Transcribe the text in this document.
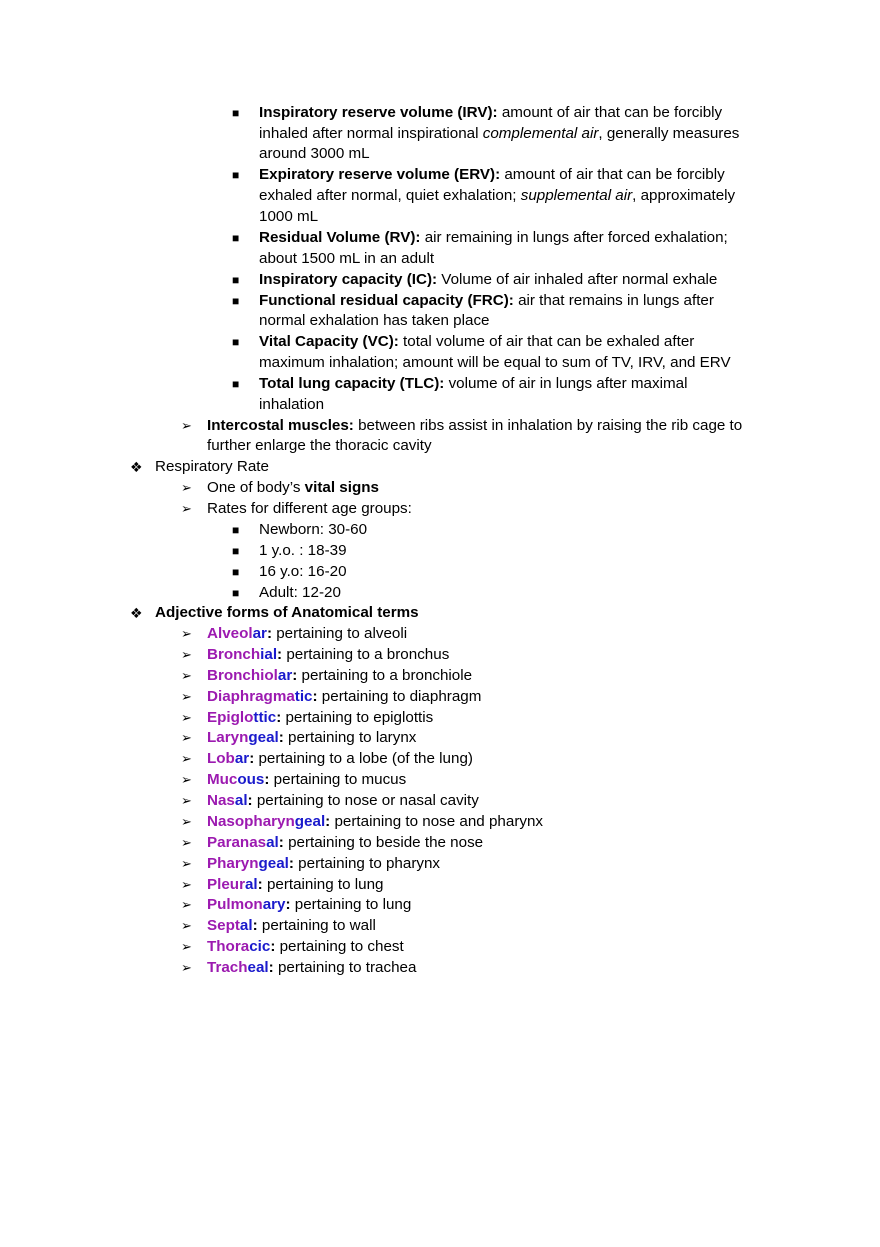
■ Inspiratory reserve volume (IRV): amount of air that can be forcibly
inhaled after normal inspirational complemental air, generally measures
around 3000 mL
■ Expiratory reserve volume (ERV): amount of air that can be forcibly
exhaled after normal, quiet exhalation; supplemental air, approximately
1000 mL
■ Residual Volume (RV): air remaining in lungs after forced exhalation;
about 1500 mL in an adult
■ Inspiratory capacity (IC): Volume of air inhaled after normal exhale
■ Functional residual capacity (FRC): air that remains in lungs after
normal exhalation has taken place
■ Vital Capacity (VC): total volume of air that can be exhaled after
maximum inhalation; amount will be equal to sum of TV, IRV, and ERV
■ Total lung capacity (TLC): volume of air in lungs after maximal
inhalation
➢ Intercostal muscles: between ribs assist in inhalation by raising the rib cage to
further enlarge the thoracic cavity
❖ Respiratory Rate
➢ One of body’s vital signs
➢ Rates for different age groups:
■ Newborn: 30-60
■ 1 y.o. : 18-39
■ 16 y.o: 16-20
■ Adult: 12-20
❖ Adjective forms of Anatomical terms
➢ Alveolar: pertaining to alveoli
➢ Bronchial: pertaining to a bronchus
➢ Bronchiolar: pertaining to a bronchiole
➢ Diaphragmatic: pertaining to diaphragm
➢ Epiglottic: pertaining to epiglottis
➢ Laryngeal: pertaining to larynx
➢ Lobar: pertaining to a lobe (of the lung)
➢ Mucous: pertaining to mucus
➢ Nasal: pertaining to nose or nasal cavity
➢ Nasopharyngeal: pertaining to nose and pharynx
➢ Paranasal: pertaining to beside the nose
➢ Pharyngeal: pertaining to pharynx
➢ Pleural: pertaining to lung
➢ Pulmonary: pertaining to lung
➢ Septal: pertaining to wall
➢ Thoracic: pertaining to chest
➢ Tracheal: pertaining to trachea
